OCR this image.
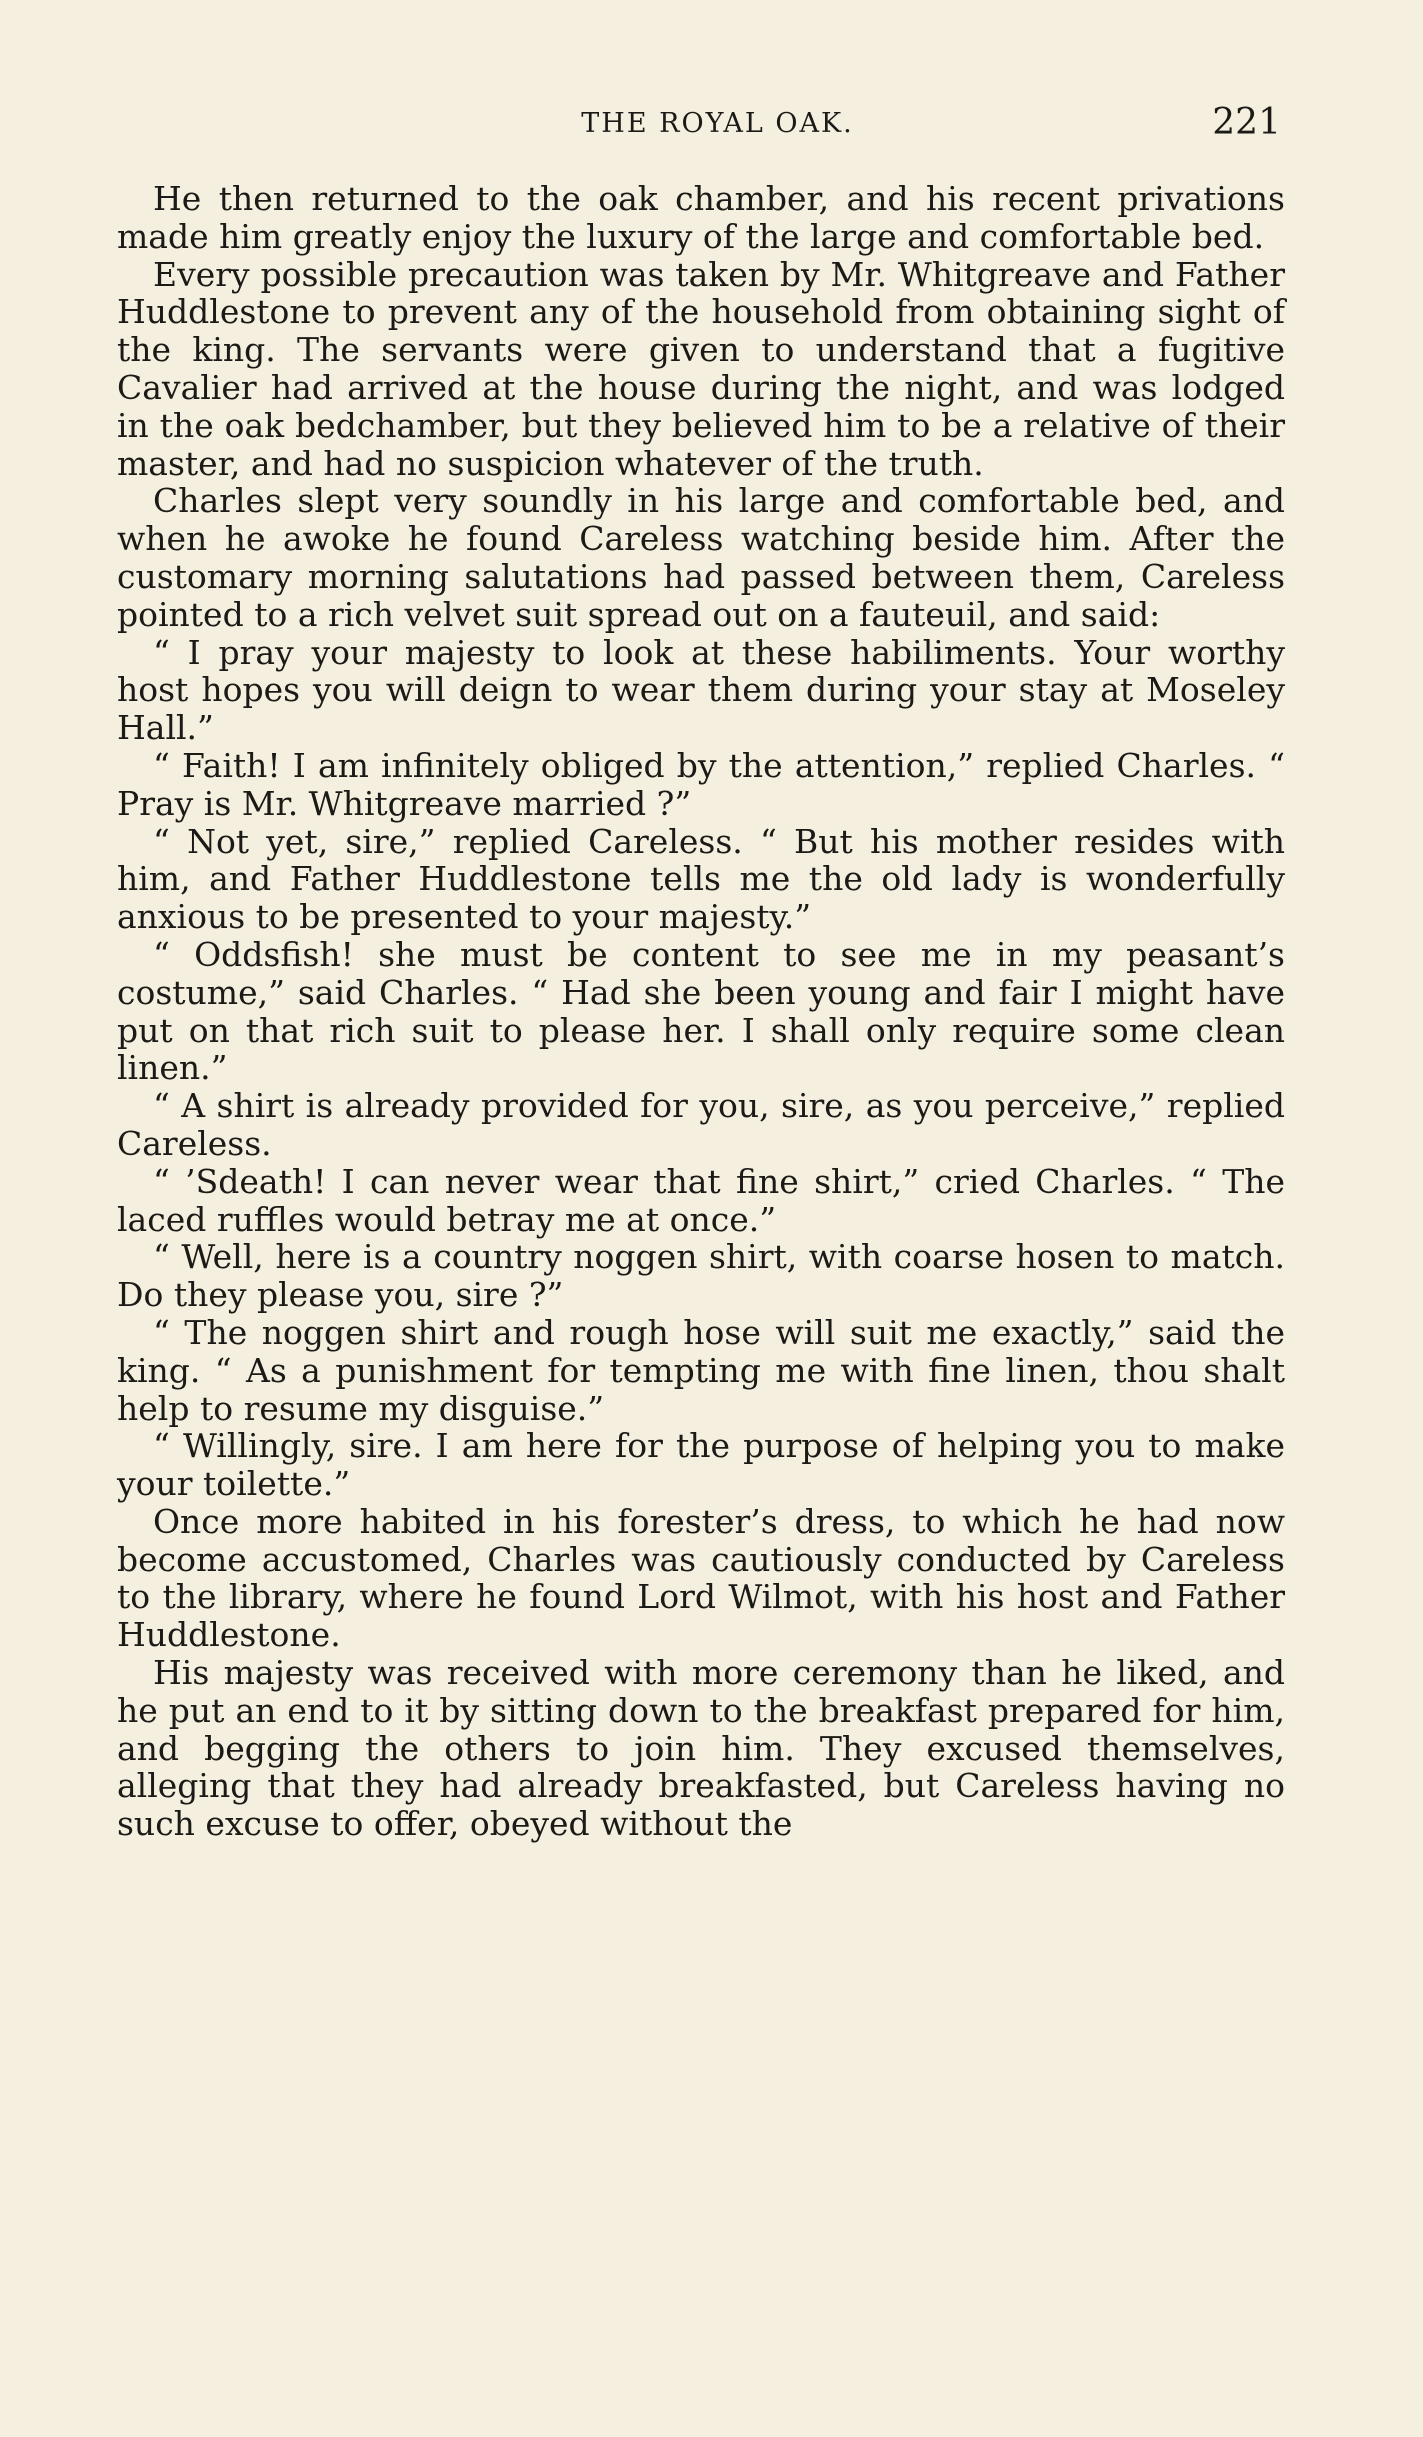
THE ROYAL OAK.	221

He then returned to the oak chamber, and his recent privations made him greatly enjoy the luxury of the large and comfortable bed.

Every possible precaution was taken by Mr. Whitgreave and Father Huddlestone to prevent any of the household from obtaining sight of the king. The servants were given to understand that a fugitive Cavalier had arrived at the house during the night, and was lodged in the oak bedchamber, but they believed him to be a relative of their master, and had no suspicion whatever of the truth.

Charles slept very soundly in his large and comfortable bed, and when he awoke he found Careless watching beside him. After the customary morning salutations had passed between them, Careless pointed to a rich velvet suit spread out on a fauteuil, and said:

“ I pray your majesty to look at these habiliments. Your worthy host hopes you will deign to wear them during your stay at Moseley Hall.”

“ Faith! I am infinitely obliged by the attention,” replied Charles. “ Pray is Mr. Whitgreave married ?”

“ Not yet, sire,” replied Careless. “ But his mother resides with him, and Father Huddlestone tells me the old lady is wonderfully anxious to be presented to your majesty.”

“ Oddsfish! she must be content to see me in my peasant’s costume,” said Charles. “ Had she been young and fair I might have put on that rich suit to please her. I shall only require some clean linen.”

“ A shirt is already provided for you, sire, as you perceive,” replied Careless.

“ ’Sdeath! I can never wear that fine shirt,” cried Charles. “ The laced ruffles would betray me at once.”

“ Well, here is a country noggen shirt, with coarse hosen to match. Do they please you, sire ?”

“ The noggen shirt and rough hose will suit me exactly,” said the king. “ As a punishment for tempting me with fine linen, thou shalt help to resume my disguise.”

“ Willingly, sire. I am here for the purpose of helping you to make your toilette.”

Once more habited in his forester’s dress, to which he had now become accustomed, Charles was cautiously conducted by Careless to the library, where he found Lord Wilmot, with his host and Father Huddlestone.

His majesty was received with more ceremony than he liked, and he put an end to it by sitting down to the breakfast prepared for him, and begging the others to join him. They excused themselves, alleging that they had already breakfasted, but Careless having no such excuse to offer, obeyed without the
